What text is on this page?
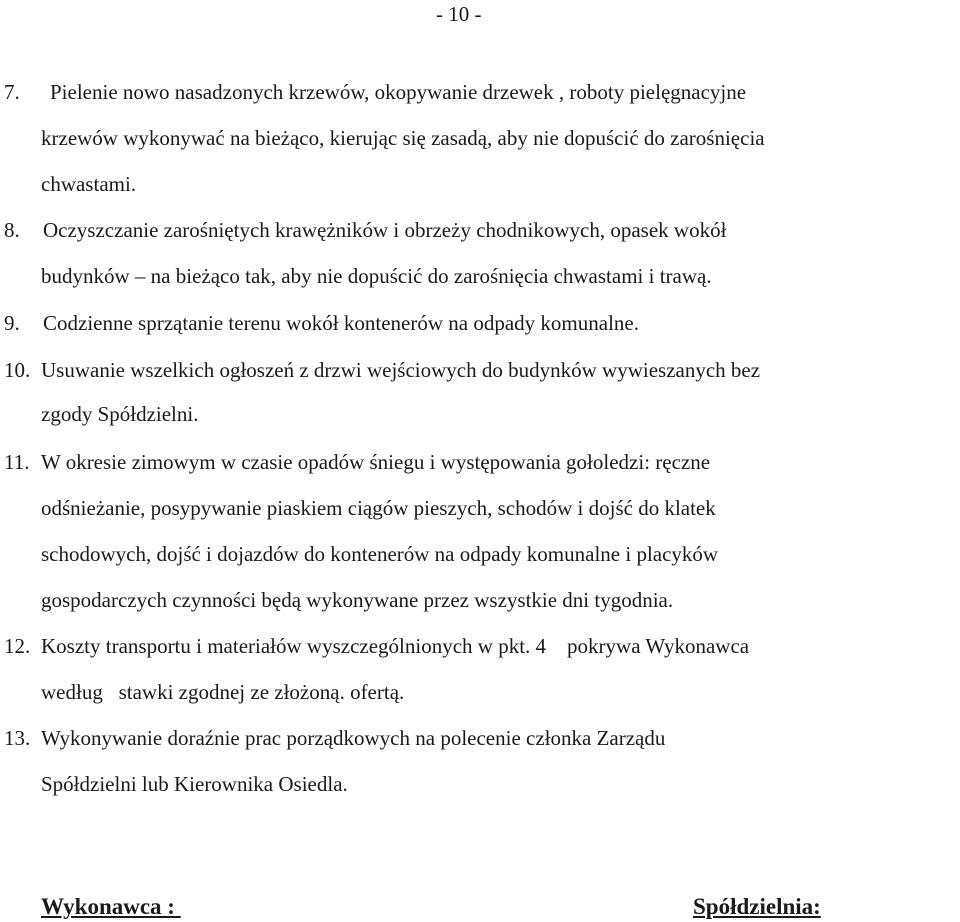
- 10 -
7. Pielenie nowo nasadzonych krzewów, okopywanie drzewek , roboty pielęgnacyjne
krzewów wykonywać na bieżąco, kierując się zasadą, aby nie dopuścić do zarośnięcia
chwastami.
8. Oczyszczanie zarośniętych krawężników i obrzeży chodnikowych, opasek wokół
budynków – na bieżąco tak, aby nie dopuścić do zarośnięcia chwastami i trawą.
9. Codzienne sprzątanie terenu wokół kontenerów na odpady komunalne.
10. Usuwanie wszelkich ogłoszeń z drzwi wejściowych do budynków wywieszanych bez
zgody Spółdzielni.
11. W okresie zimowym w czasie opadów śniegu i występowania gołoledzi: ręczne
odśnieżanie, posypywanie piaskiem ciągów pieszych, schodów i dojść do klatek
schodowych, dojść i dojazdów do kontenerów na odpady komunalne i placyków
gospodarczych czynności będą wykonywane przez wszystkie dni tygodnia.
12. Koszty transportu i materiałów wyszczególnionych w pkt. 4    pokrywa Wykonawca
według   stawki zgodnej ze złożoną. ofertą.
13. Wykonywanie doraźnie prac porządkowych na polecenie członka Zarządu
Spółdzielni lub Kierownika Osiedla.
Wykonawca :	Spółdzielnia:
